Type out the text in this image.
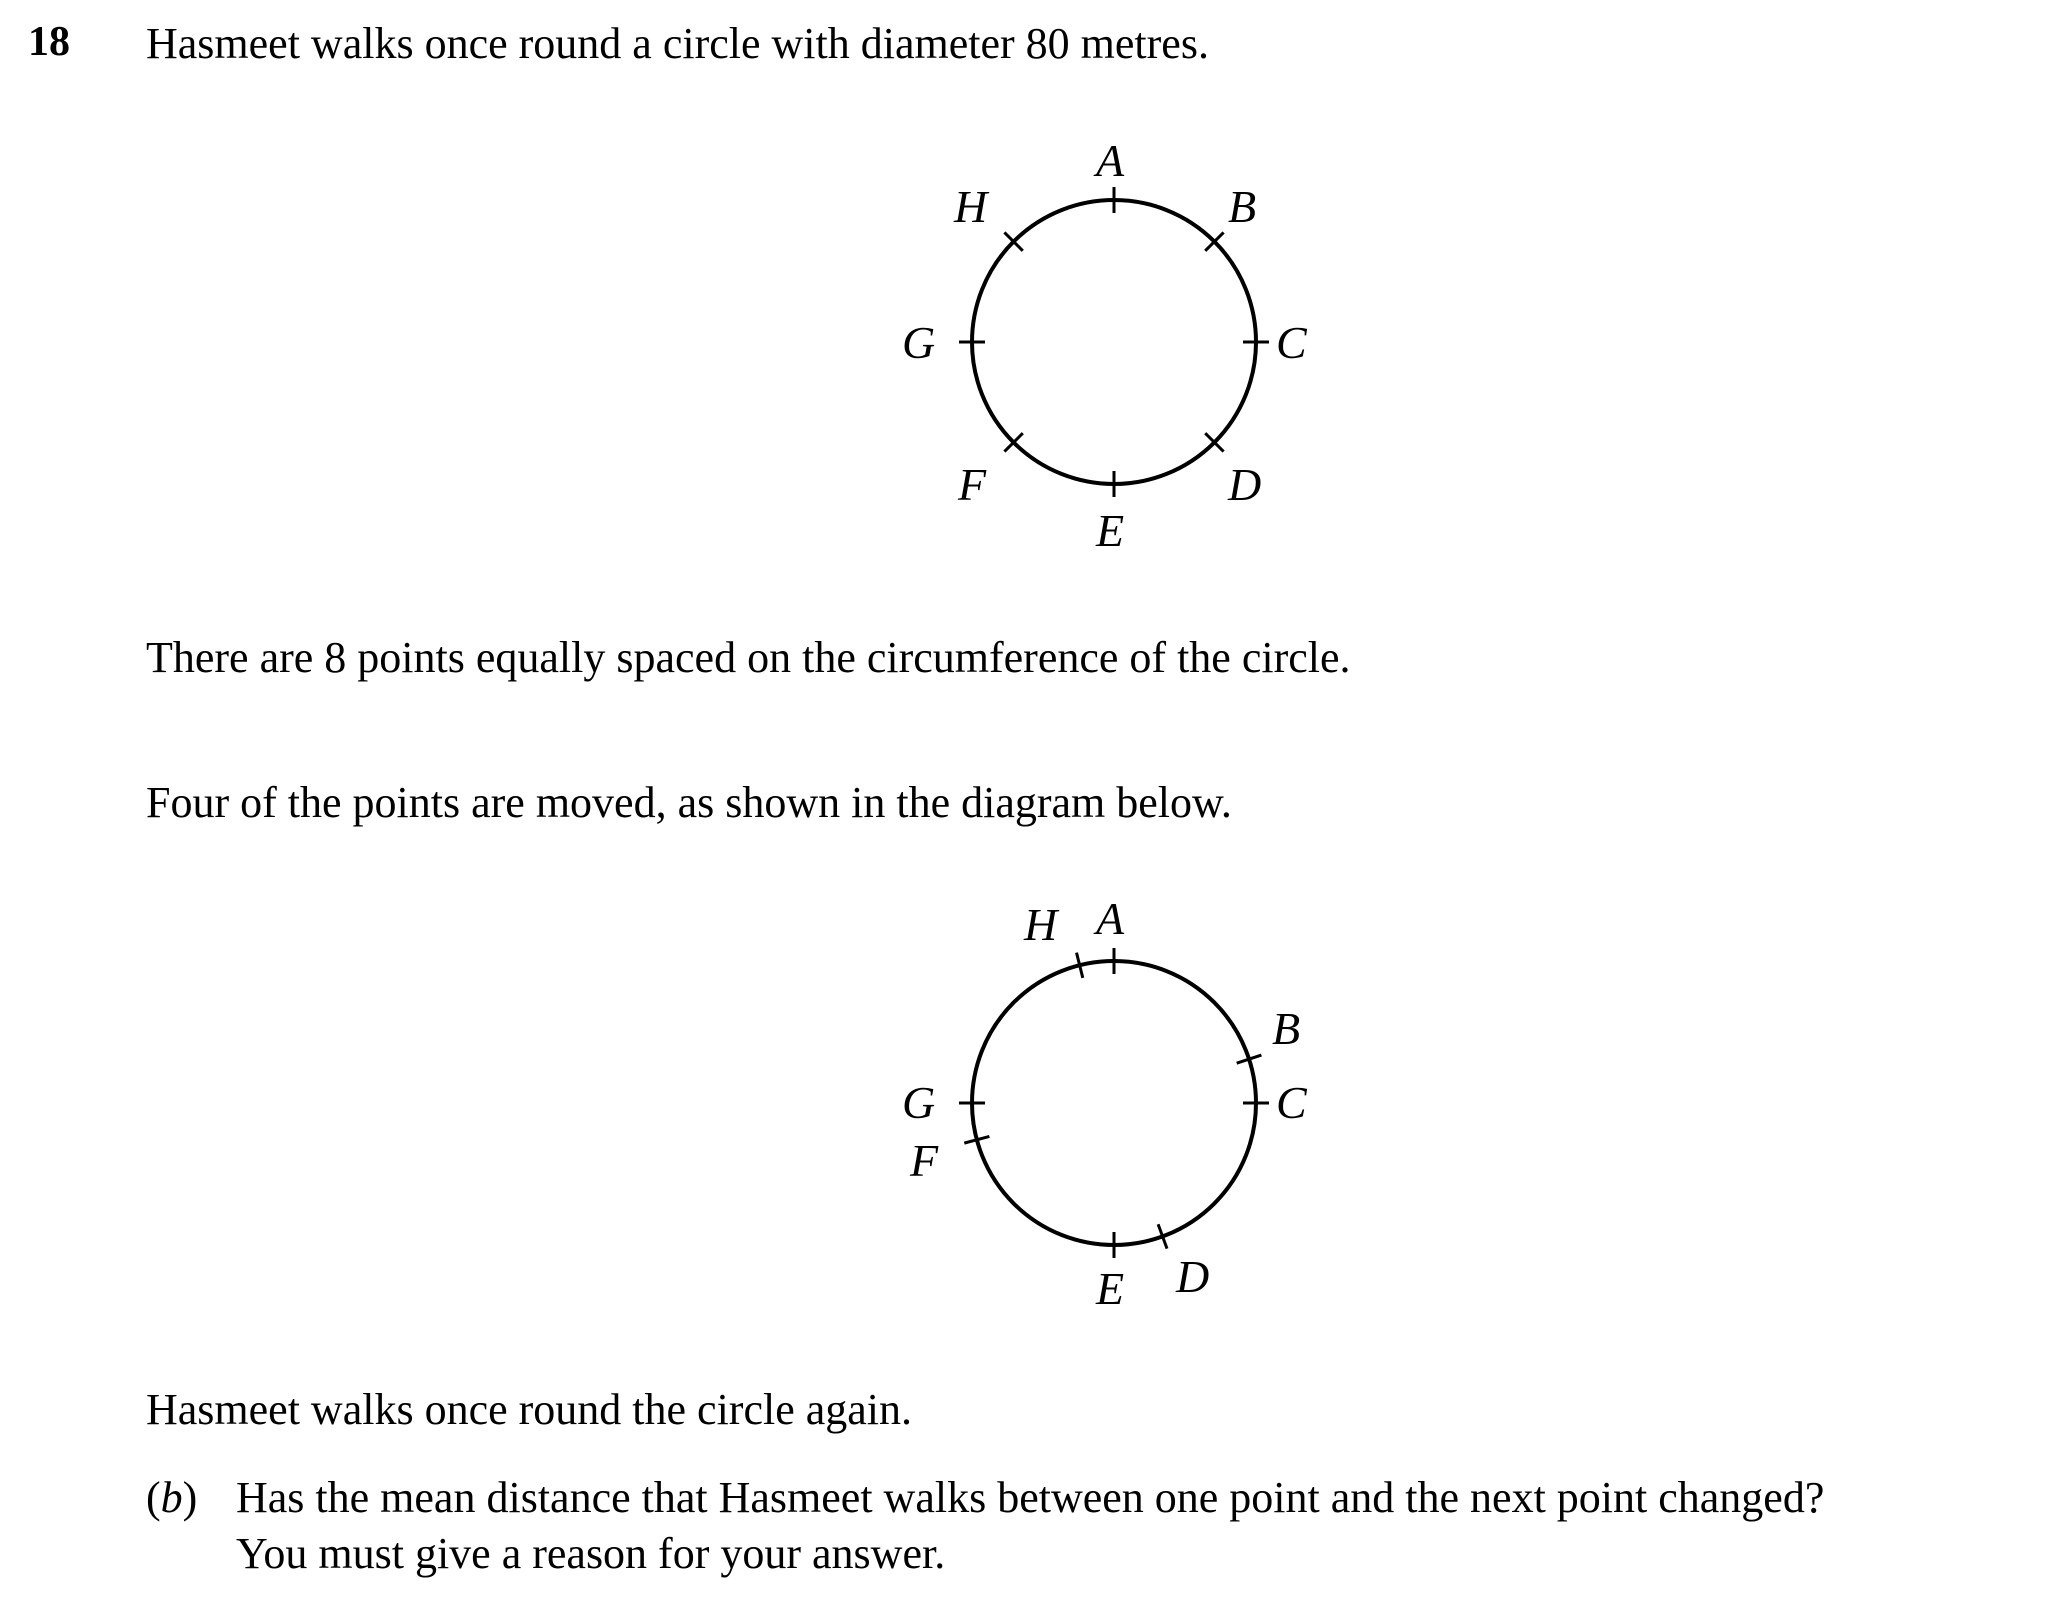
18 Hasmeet walks once round a circle with diameter 80 metres.
A
B
C
D
E
F
G
H
There are 8 points equally spaced on the circumference of the circle.
Four of the points are moved, as shown in the diagram below.
A
B
C
D
E
F
G
H
Hasmeet walks once round the circle again.
(b) Has the mean distance that Hasmeet walks between one point and the next point changed?
You must give a reason for your answer.
